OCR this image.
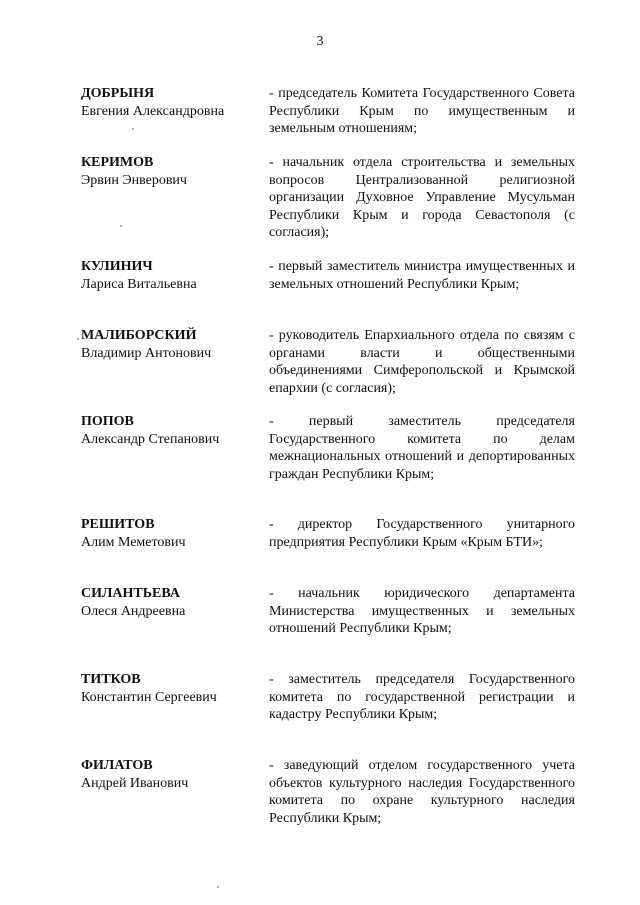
3
ДОБРЫНЯ
Евгения Александровна
- председатель Комитета Государственного Совета Республики Крым по имущественным и земельным отношениям;
КЕРИМОВ
Эрвин Энверович
- начальник отдела строительства и земельных вопросов Централизованной религиозной организации Духовное Управление Мусульман Республики Крым и города Севастополя (с согласия);
КУЛИНИЧ
Лариса Витальевна
- первый заместитель министра имущественных и земельных отношений Республики Крым;
МАЛИБОРСКИЙ
Владимир Антонович
- руководитель Епархиального отдела по связям с органами власти и общественными объединениями Симферопольской и Крымской епархии (с согласия);
ПОПОВ
Александр Степанович
- первый заместитель председателя Государственного комитета по делам межнациональных отношений и депортированных граждан Республики Крым;
РЕШИТОВ
Алим Меметович
- директор Государственного унитарного предприятия Республики Крым «Крым БТИ»;
СИЛАНТЬЕВА
Олеся Андреевна
- начальник юридического департамента Министерства имущественных и земельных отношений Республики Крым;
ТИТКОВ
Константин Сергеевич
- заместитель председателя Государственного комитета по государственной регистрации и кадастру Республики Крым;
ФИЛАТОВ
Андрей Иванович
- заведующий отделом государственного учета объектов культурного наследия Государственного комитета по охране культурного наследия Республики Крым;
